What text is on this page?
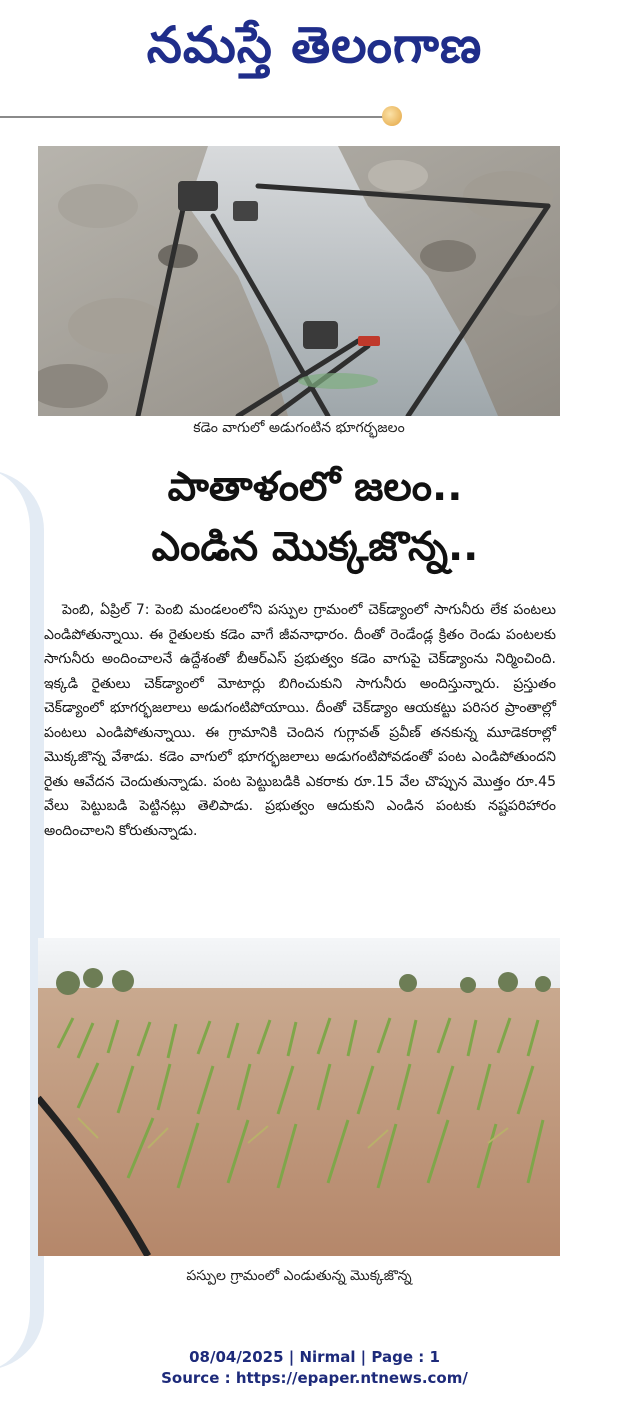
నమస్తే తెలంగాణ
కడెం వాగులో అడుగంటిన భూగర్భజలం
పాతాళంలో జలం..
ఎండిన మొక్కజొన్న..
పెంబి, ఏప్రిల్ 7: పెంబి మండలంలోని పస్పుల గ్రామంలో చెక్‌డ్యాంలో సాగునీరు లేక పంటలు ఎండిపోతున్నాయి. ఈ రైతులకు కడెం వాగే జీవనాధారం. దీంతో రెండేండ్ల క్రితం రెండు పంటలకు సాగునీరు అందించాలనే ఉద్దేశంతో బీఆర్‌ఎస్ ప్రభుత్వం కడెం వాగుపై చెక్‌డ్యాంను నిర్మించింది. ఇక్కడి రైతులు చెక్‌డ్యాంలో మోటార్లు బిగించుకుని సాగునీరు అందిస్తున్నారు. ప్రస్తుతం చెక్‌డ్యాంలో భూగర్భజలాలు అడుగంటిపోయాయి. దీంతో చెక్‌డ్యాం ఆయకట్టు పరిసర ప్రాంతాల్లో పంటలు ఎండిపోతున్నాయి. ఈ గ్రామానికి చెందిన గుగ్లావత్ ప్రవీణ్ తనకున్న మూడెకరాల్లో మొక్కజొన్న వేశాడు. కడెం వాగులో భూగర్భజలాలు అడుగంటిపోవడంతో పంట ఎండిపోతుందని రైతు ఆవేదన చెందుతున్నాడు. పంట పెట్టుబడికి ఎకరాకు రూ.15 వేల చొప్పున మొత్తం రూ.45 వేలు పెట్టుబడి పెట్టినట్లు తెలిపాడు. ప్రభుత్వం ఆదుకుని ఎండిన పంటకు నష్టపరిహారం అందించాలని కోరుతున్నాడు.
పస్పుల గ్రామంలో ఎండుతున్న మొక్కజొన్న
08/04/2025 | Nirmal | Page : 1
Source : https://epaper.ntnews.com/
